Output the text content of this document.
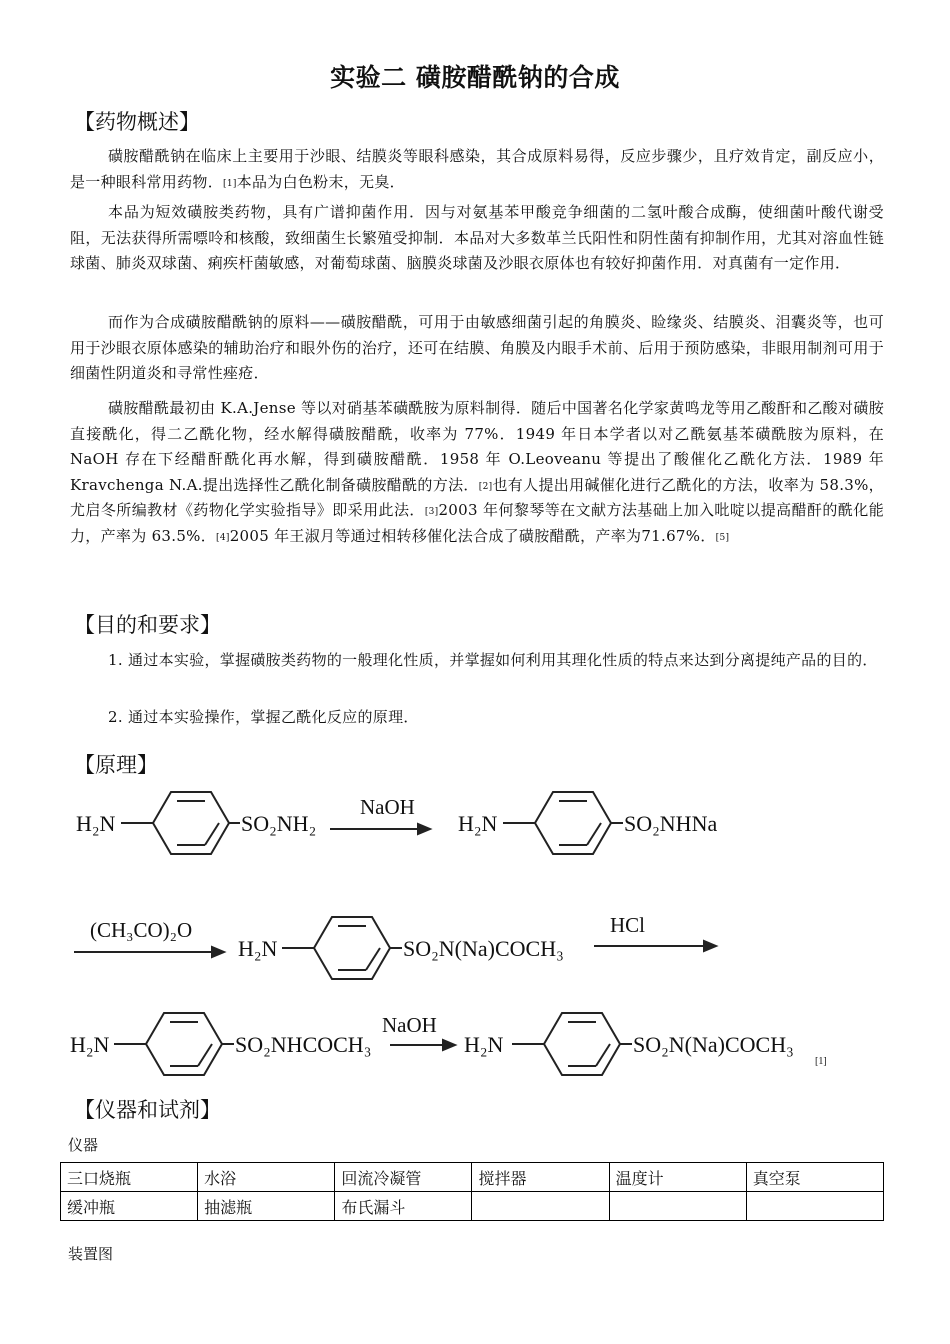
实验二 磺胺醋酰钠的合成
【药物概述】

磺胺醋酰钠在临床上主要用于沙眼、结膜炎等眼科感染，其合成原料易得，反应步骤少，且疗效肯定，副反应小，是一种眼科常用药物．[1]本品为白色粉末，无臭．

本品为短效磺胺类药物，具有广谱抑菌作用．因与对氨基苯甲酸竞争细菌的二氢叶酸合成酶，使细菌叶酸代谢受阻，无法获得所需嘌呤和核酸，致细菌生长繁殖受抑制．本品对大多数革兰氏阳性和阴性菌有抑制作用，尤其对溶血性链球菌、肺炎双球菌、痢疾杆菌敏感，对葡萄球菌、脑膜炎球菌及沙眼衣原体也有较好抑菌作用．对真菌有一定作用．

而作为合成磺胺醋酰钠的原料——磺胺醋酰，可用于由敏感细菌引起的角膜炎、睑缘炎、结膜炎、泪囊炎等，也可用于沙眼衣原体感染的辅助治疗和眼外伤的治疗，还可在结膜、角膜及内眼手术前、后用于预防感染，非眼用制剂可用于细菌性阴道炎和寻常性痤疮．

磺胺醋酰最初由 K.A.Jense 等以对硝基苯磺酰胺为原料制得．随后中国著名化学家黄鸣龙等用乙酸酐和乙酸对磺胺直接酰化，得二乙酰化物，经水解得磺胺醋酰，收率为 77%．1949 年日本学者以对乙酰氨基苯磺酰胺为原料，在 NaOH 存在下经醋酐酰化再水解，得到磺胺醋酰．1958 年 O.Leoveanu 等提出了酸催化乙酰化方法．1989 年 Kravchenga N.A.提出选择性乙酰化制备磺胺醋酰的方法．[2]也有人提出用碱催化进行乙酰化的方法，收率为 58.3%，尤启冬所编教材《药物化学实验指导》即采用此法．[3]2003 年何黎琴等在文献方法基础上加入吡啶以提高醋酐的酰化能力，产率为 63.5%．[4]2005 年王淑月等通过相转移催化法合成了磺胺醋酰，产率为71.67%．[5]

【目的和要求】

1. 通过本实验，掌握磺胺类药物的一般理化性质，并掌握如何利用其理化性质的特点来达到分离提纯产品的目的．

2. 通过本实验操作，掌握乙酰化反应的原理．

【原理】
H₂N	SO₂NH₂
NaOH
H₂N	SO₂NHNa
(CH₃CO)₂O
H₂N	SO₂N(Na)COCH₃
HCl
H₂N	SO₂NHCOCH₃
NaOH
H₂N	SO₂N(Na)COCH₃
[1]
【仪器和试剂】

仪器

三口烧瓶	水浴	回流冷凝管	搅拌器	温度计	真空泵
缓冲瓶	抽滤瓶	布氏漏斗			

装置图
